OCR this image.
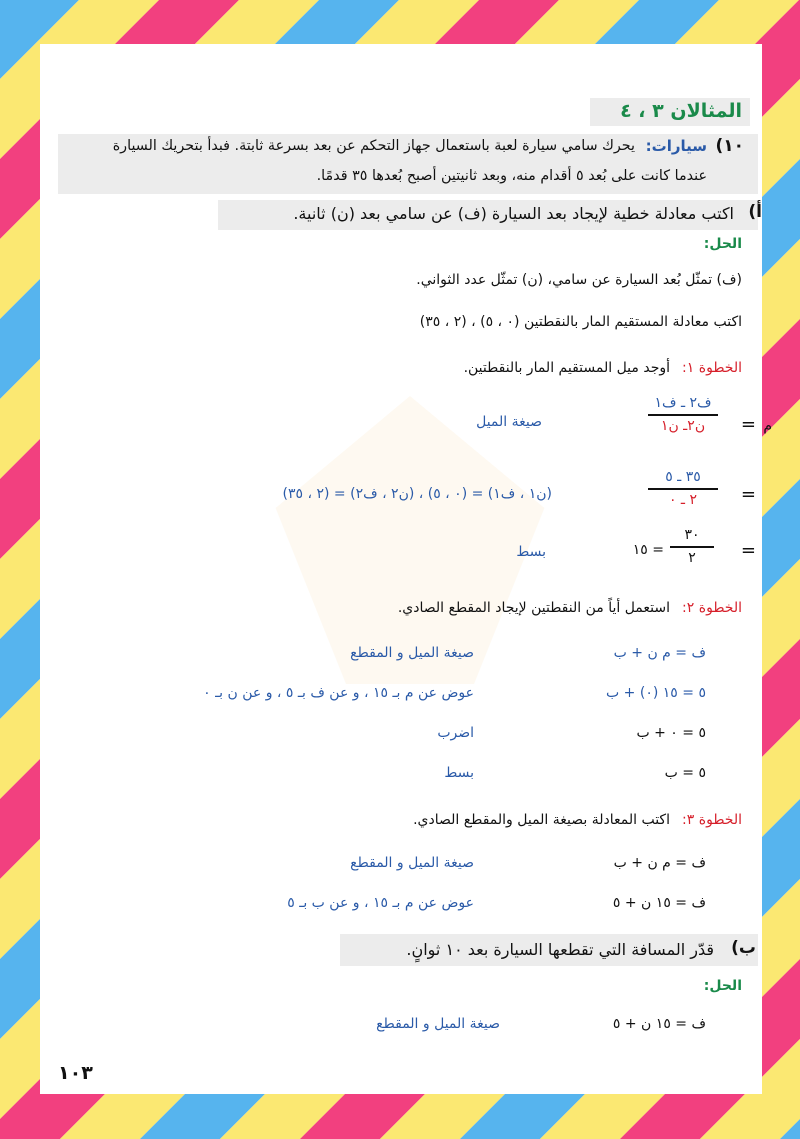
المثالان ٣ ، ٤
١٠)
سيارات:
يحرك سامي سيارة لعبة باستعمال جهاز التحكم عن بعد بسرعة ثابتة. فبدأ بتحريك السيارة
عندما كانت على بُعد ٥ أقدام منه، وبعد ثانيتين أصبح بُعدها ٣٥ قدمًا.
أ)
اكتب معادلة خطية لإيجاد بعد السيارة (ف) عن سامي بعد (ن) ثانية.
الحل:
(ف) تمثّل بُعد السيارة عن سامي، (ن) تمثّل عدد الثواني.
اكتب معادلة المستقيم المار بالنقطتين (٠ ، ٥) ، (٢ ، ٣٥)
الخطوة ١:
أوجد ميل المستقيم المار بالنقطتين.
م
=
ف٢ ـ ف١
ن٢ـ ن١
صيغة الميل
=
٣٥ ـ ٥
٢ ـ ٠
(ن١ ، ف١) = (٠ ، ٥) ، (ن٢ ، ف٢) = (٢ ، ٣٥)
=
٣٠
٢
= ١٥
بسط
الخطوة ٢:
استعمل أياً من النقطتين لإيجاد المقطع الصادي.
ف = م ن + ب
صيغة الميل و المقطع
٥ = ١٥ (٠) + ب
عوض عن م بـ ١٥ ، و عن ف بـ ٥ ، و عن ن بـ ٠
٥ = ٠ + ب
اضرب
٥ = ب
بسط
الخطوة ٣:
اكتب المعادلة بصيغة الميل والمقطع الصادي.
ف = م ن + ب
صيغة الميل و المقطع
ف = ١٥ ن + ٥
عوض عن م بـ ١٥ ، و عن ب بـ ٥
ب)
قدّر المسافة التي تقطعها السيارة بعد ١٠ ثوانٍ.
الحل:
ف = ١٥ ن + ٥
صيغة الميل و المقطع
١٠٣
